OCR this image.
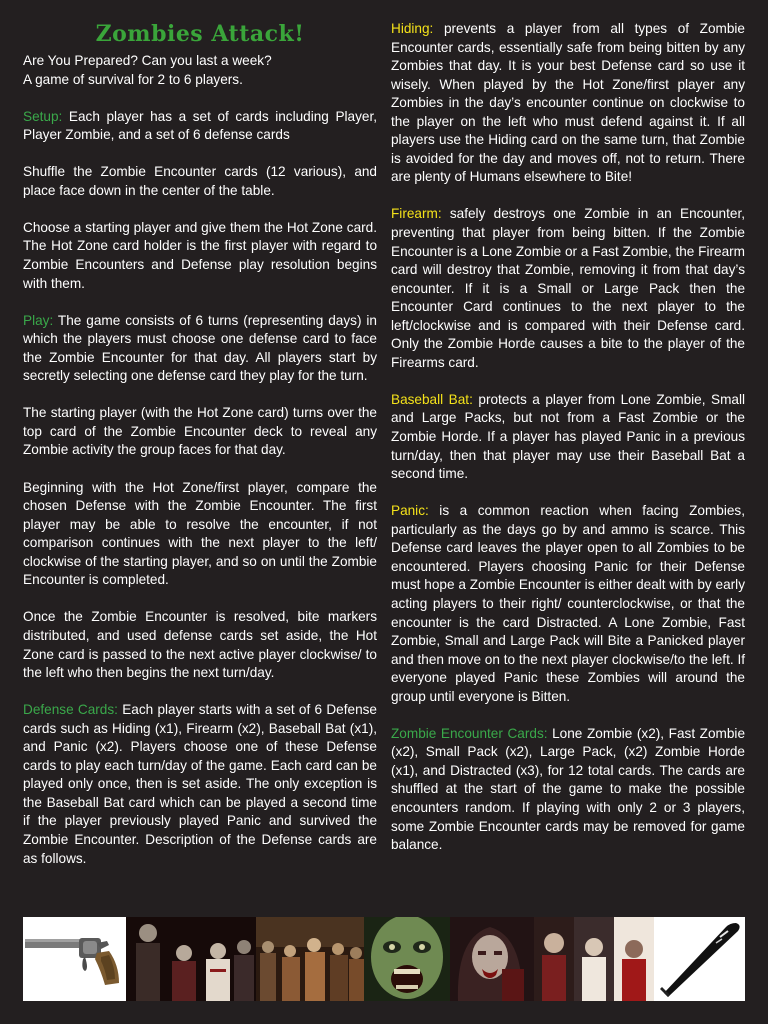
Zombies Attack!

Are You Prepared? Can you last a week?
A game of survival for 2 to 6 players.

Setup: Each player has a set of cards including Player, Player Zombie, and a set of 6 defense cards

Shuffle the Zombie Encounter cards (12 various), and place face down in the center of the table.

Choose a starting player and give them the Hot Zone card. The Hot Zone card holder is the first player with regard to Zombie Encounters and Defense play resolution begins with them.

Play: The game consists of 6 turns (representing days) in which the players must choose one defense card to face the Zombie Encounter for that day. All players start by secretly selecting one defense card they play for the turn.

The starting player (with the Hot Zone card) turns over the top card of the Zombie Encounter deck to reveal any Zombie activity the group faces for that day.

Beginning with the Hot Zone/first player, compare the chosen Defense with the Zombie Encounter. The first player may be able to resolve the encounter, if not comparison continues with the next player to the left/ clockwise of the starting player, and so on until the Zombie Encounter is completed.

Once the Zombie Encounter is resolved, bite markers distributed, and used defense cards set aside, the Hot Zone card is passed to the next active player clockwise/ to the left who then begins the next turn/day.

Defense Cards: Each player starts with a set of 6 Defense cards such as Hiding (x1), Firearm (x2), Baseball Bat (x1), and Panic (x2). Players choose one of these Defense cards to play each turn/day of the game. Each card can be played only once, then is set aside. The only exception is the Baseball Bat card which can be played a second time if the player previously played Panic and survived the Zombie Encounter. Description of the Defense cards are as follows.

Hiding: prevents a player from all types of Zombie Encounter cards, essentially safe from being bitten by any Zombies that day. It is your best Defense card so use it wisely. When played by the Hot Zone/first player any Zombies in the day’s encounter continue on clockwise to the player on the left who must defend against it. If all players use the Hiding card on the same turn, that Zombie is avoided for the day and moves off, not to return. There are plenty of Humans elsewhere to Bite!

Firearm: safely destroys one Zombie in an Encounter, preventing that player from being bitten. If the Zombie Encounter is a Lone Zombie or a Fast Zombie, the Firearm card will destroy that Zombie, removing it from that day’s encounter. If it is a Small or Large Pack then the Encounter Card continues to the next player to the left/clockwise and is compared with their Defense card. Only the Zombie Horde causes a bite to the player of the Firearms card.

Baseball Bat: protects a player from Lone Zombie, Small and Large Packs, but not from a Fast Zombie or the Zombie Horde. If a player has played Panic in a previous turn/day, then that player may use their Baseball Bat a second time.

Panic: is a common reaction when facing Zombies, particularly as the days go by and ammo is scarce. This Defense card leaves the player open to all Zombies to be encountered. Players choosing Panic for their Defense must hope a Zombie Encounter is either dealt with by early acting players to their right/ counterclockwise, or that the encounter is the card Distracted. A Lone Zombie, Fast Zombie, Small and Large Pack will Bite a Panicked player and then move on to the next player clockwise/to the left. If everyone played Panic these Zombies will around the group until everyone is Bitten.

Zombie Encounter Cards: Lone Zombie (x2), Fast Zombie (x2), Small Pack (x2), Large Pack, (x2) Zombie Horde (x1), and Distracted (x3), for 12 total cards. The cards are shuffled at the start of the game to make the possible encounters random. If playing with only 2 or 3 players, some Zombie Encounter cards may be removed for game balance.
